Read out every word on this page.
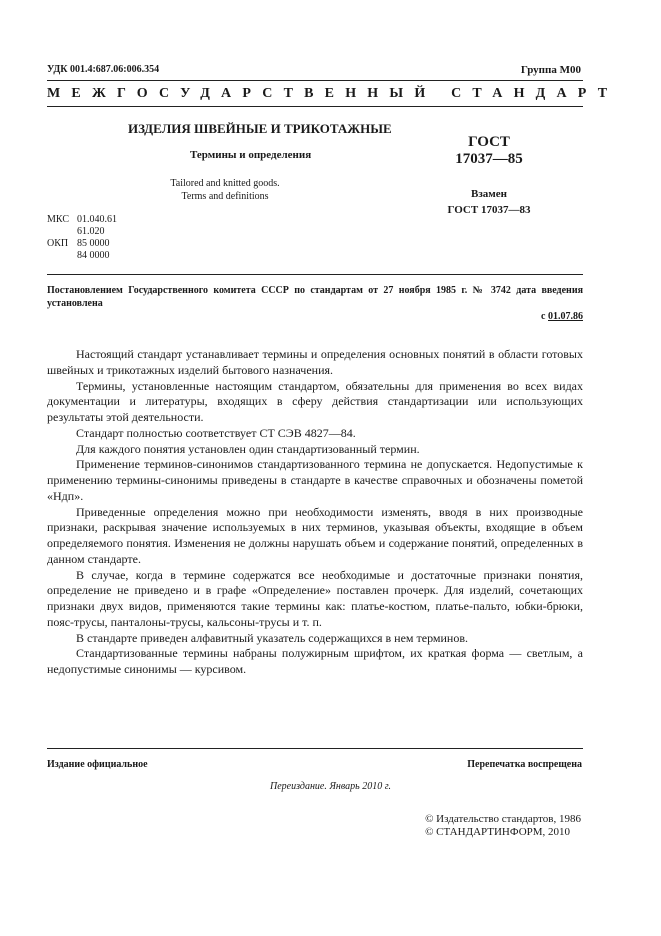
УДК 001.4:687.06:006.354	Группа М00
МЕЖГОСУДАРСТВЕННЫЙ СТАНДАРТ
ИЗДЕЛИЯ ШВЕЙНЫЕ И ТРИКОТАЖНЫЕ
Термины и определения
Tailored and knitted goods.
Terms and definitions
ГОСТ
17037—85
Взамен
ГОСТ 17037—83
МКС 01.040.61
61.020
ОКП 85 0000
84 0000
Постановлением Государственного комитета СССР по стандартам от 27 ноября 1985 г. № 3742 дата введения установлена
с 01.07.86

Настоящий стандарт устанавливает термины и определения основных понятий в области готовых швейных и трикотажных изделий бытового назначения.

Термины, установленные настоящим стандартом, обязательны для применения во всех видах документации и литературы, входящих в сферу действия стандартизации или использующих результаты этой деятельности.

Стандарт полностью соответствует СТ СЭВ 4827—84.

Для каждого понятия установлен один стандартизованный термин.

Применение терминов-синонимов стандартизованного термина не допускается. Недопустимые к применению термины-синонимы приведены в стандарте в качестве справочных и обозначены пометой «Ндп».

Приведенные определения можно при необходимости изменять, вводя в них производные признаки, раскрывая значение используемых в них терминов, указывая объекты, входящие в объем определяемого понятия. Изменения не должны нарушать объем и содержание понятий, определенных в данном стандарте.

В случае, когда в термине содержатся все необходимые и достаточные признаки понятия, определение не приведено и в графе «Определение» поставлен прочерк. Для изделий, сочетающих признаки двух видов, применяются такие термины как: платье-костюм, платье-пальто, юбки-брюки, пояс-трусы, панталоны-трусы, кальсоны-трусы и т. п.

В стандарте приведен алфавитный указатель содержащихся в нем терминов.

Стандартизованные термины набраны полужирным шрифтом, их краткая форма — светлым, а недопустимые синонимы — курсивом.

Издание официальное	Перепечатка воспрещена
Переиздание. Январь 2010 г.
© Издательство стандартов, 1986
© СТАНДАРТИНФОРМ, 2010
